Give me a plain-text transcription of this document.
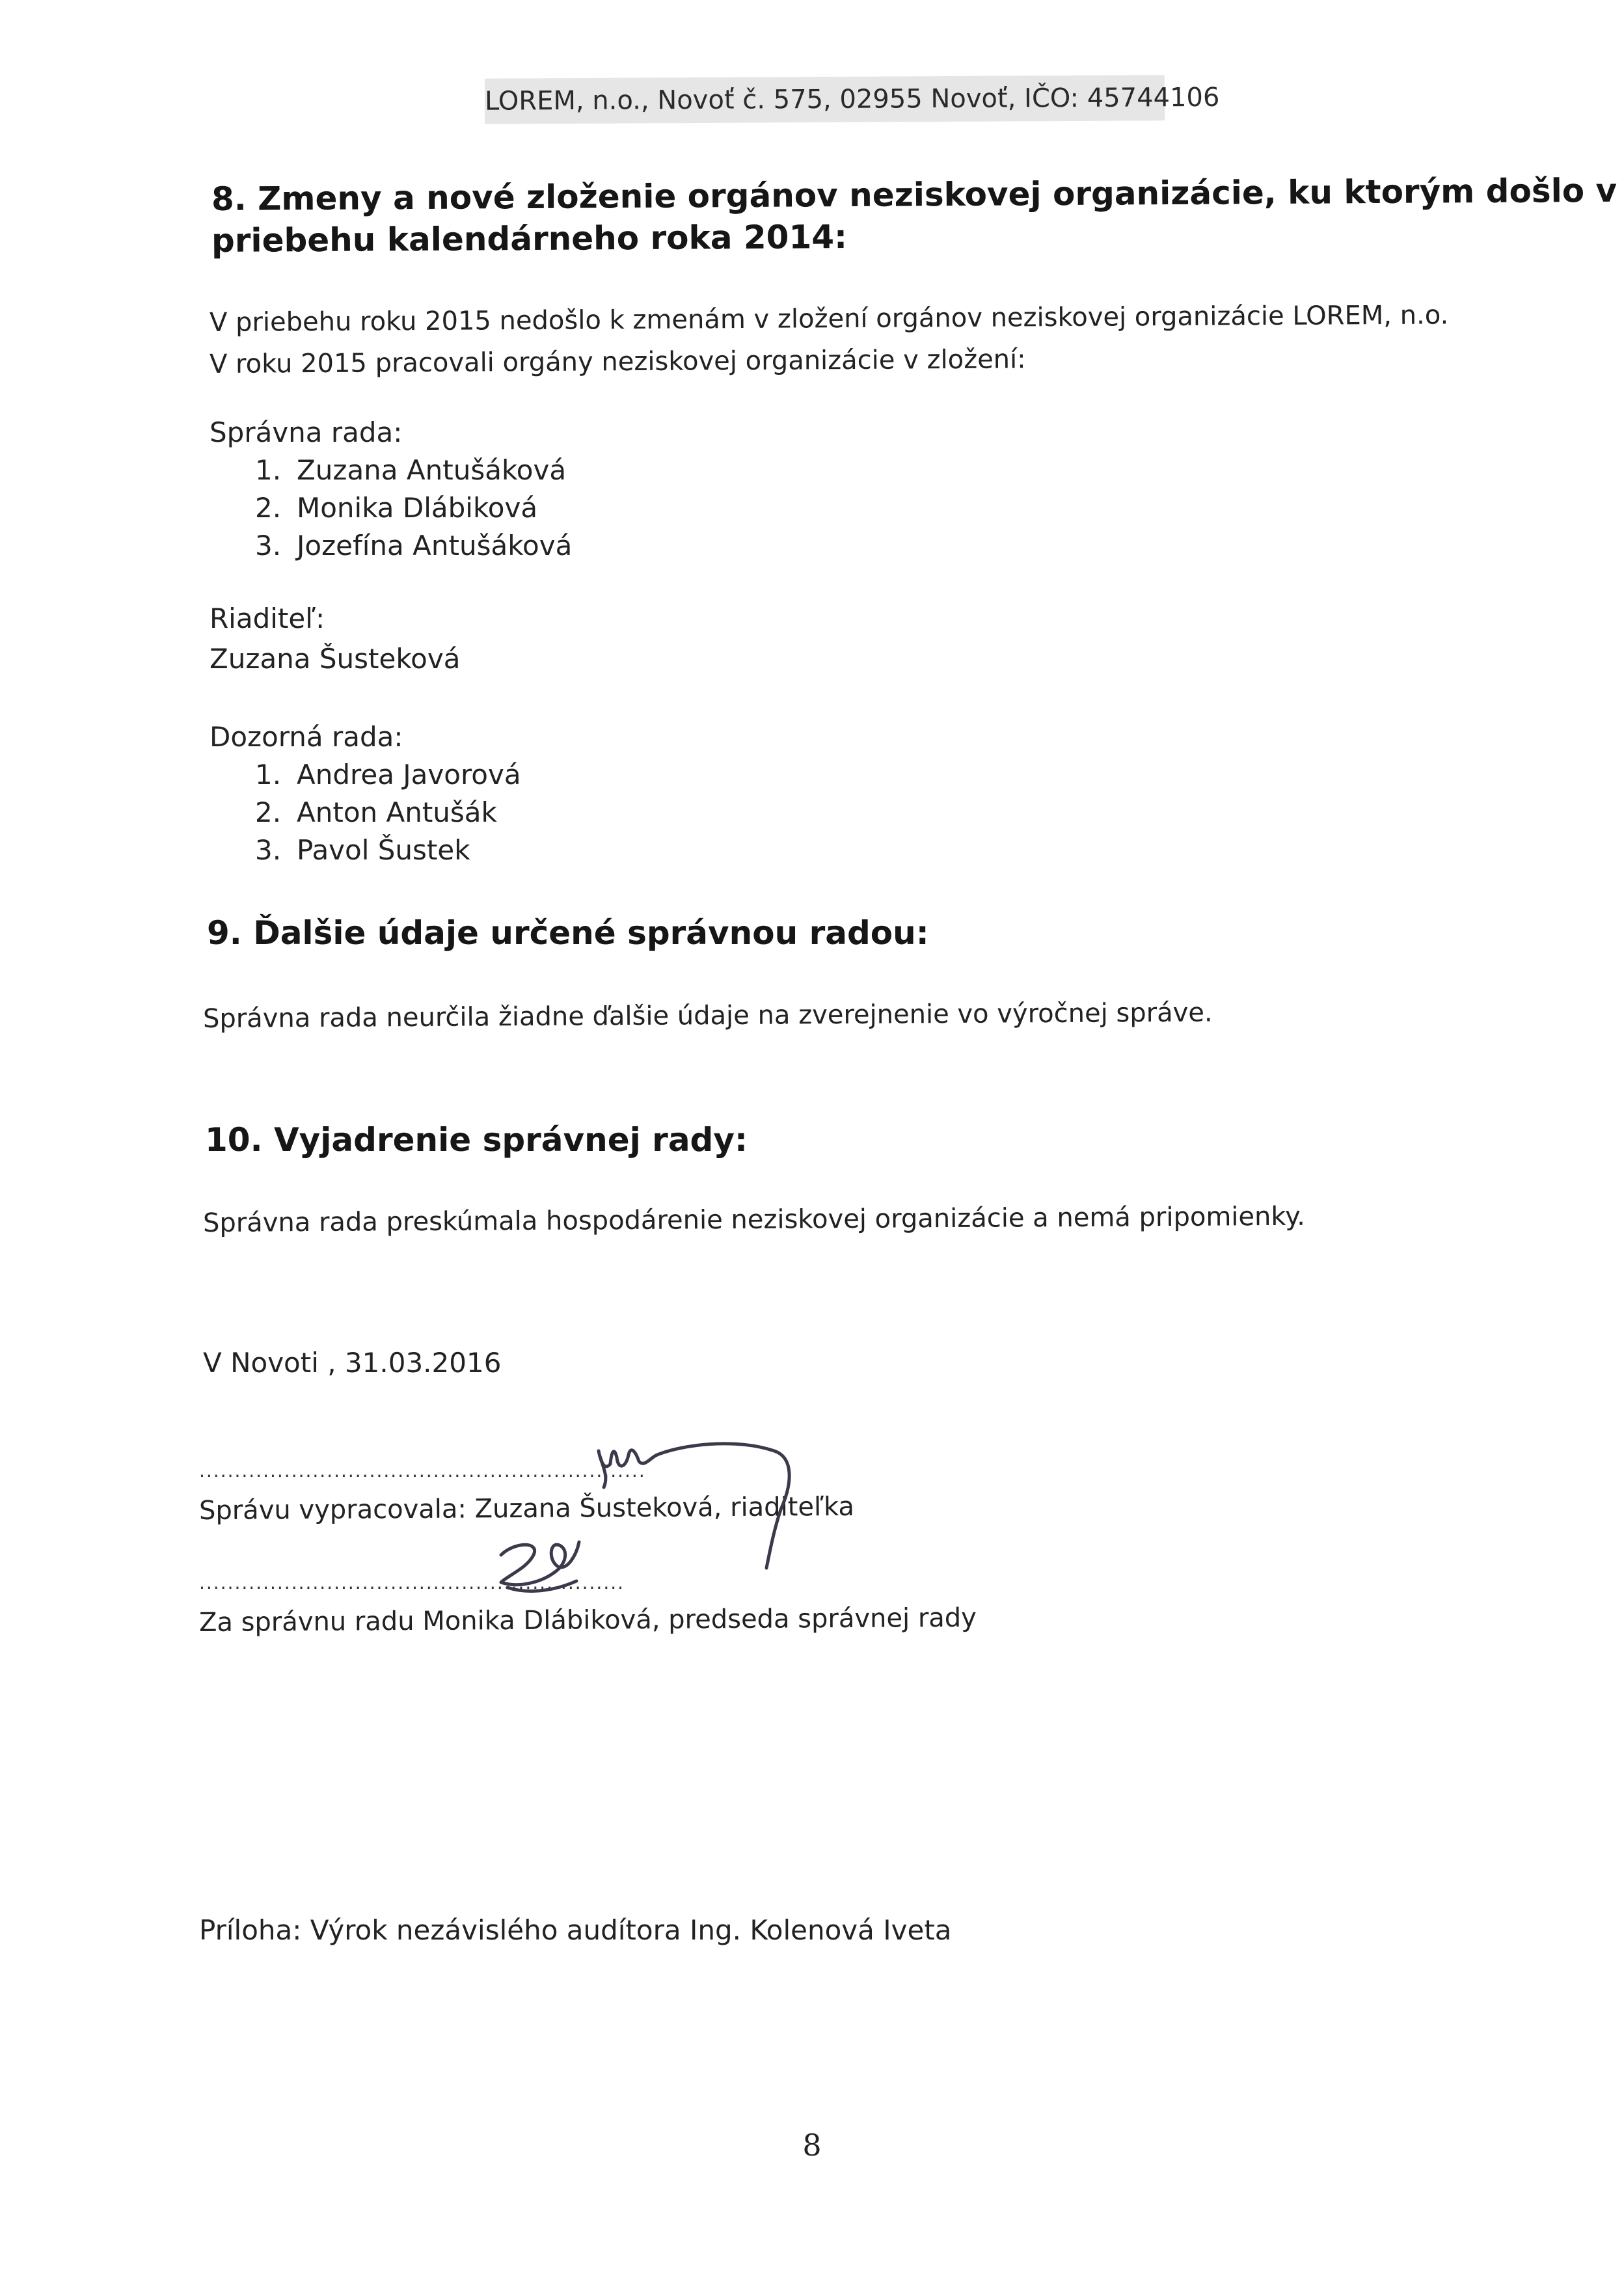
LOREM, n.o., Novoť č. 575, 02955 Novoť, IČO: 45744106

8. Zmeny a nové zloženie orgánov neziskovej organizácie, ku ktorým došlo v

priebehu kalendárneho roka 2014:

V priebehu roku 2015 nedošlo k zmenám v zložení orgánov neziskovej organizácie LOREM, n.o.

V roku 2015 pracovali orgány neziskovej organizácie v zložení:

Správna rada:

1. Zuzana Antušáková
2. Monika Dlábiková
3. Jozefína Antušáková

Riaditeľ:

Zuzana Šusteková

Dozorná rada:

1. Andrea Javorová
2. Anton Antušák
3. Pavol Šustek

9. Ďalšie údaje určené správnou radou:

Správna rada neurčila žiadne ďalšie údaje na zverejnenie vo výročnej správe.

10. Vyjadrenie správnej rady:

Správna rada preskúmala hospodárenie neziskovej organizácie a nemá pripomienky.

V Novoti , 31.03.2016

...............................................................

Správu vypracovala: Zuzana Šusteková, riaditeľka

............................................................

Za správnu radu Monika Dlábiková, predseda správnej rady

Príloha: Výrok nezávislého audítora Ing. Kolenová Iveta

8
